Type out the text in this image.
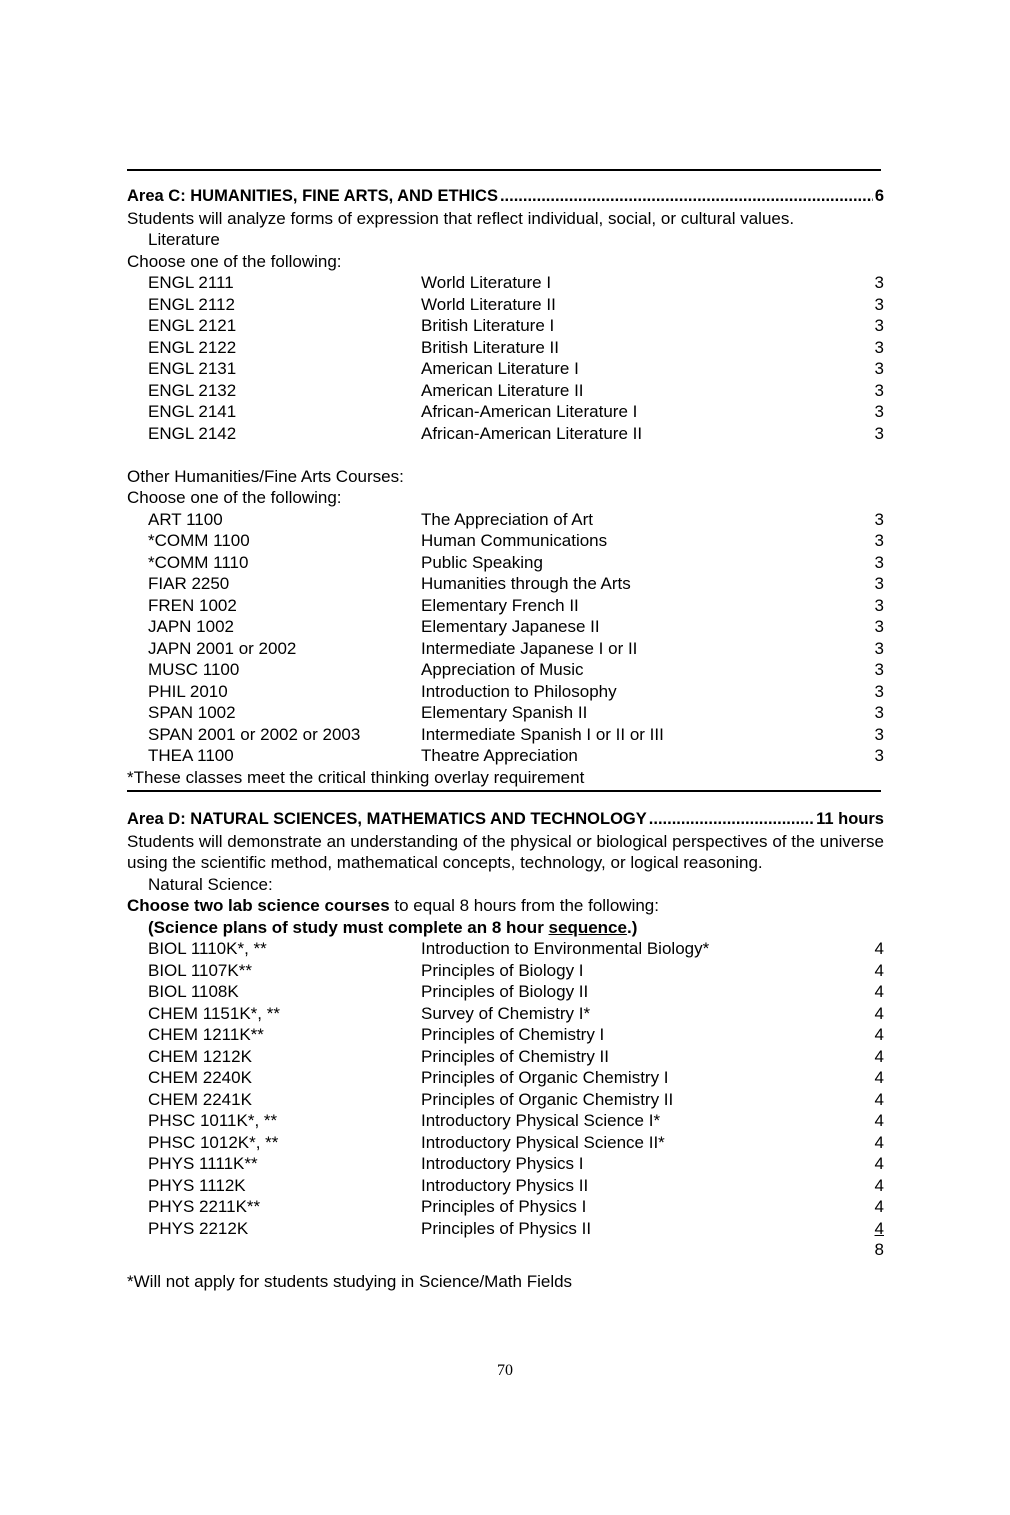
Area C: HUMANITIES, FINE ARTS, AND ETHICS .....	6
Students will analyze forms of expression that reflect individual, social, or cultural values.
Literature
Choose one of the following:
ENGL 2111	World Literature I	3
ENGL 2112	World Literature II	3
ENGL 2121	British Literature I	3
ENGL 2122	British Literature II	3
ENGL 2131	American Literature I	3
ENGL 2132	American Literature II	3
ENGL 2141	African-American Literature I	3
ENGL 2142	African-American Literature II	3
Other Humanities/Fine Arts Courses:
Choose one of the following:
ART 1100	The Appreciation of Art	3
*COMM 1100	Human Communications	3
*COMM 1110	Public Speaking	3
FIAR 2250	Humanities through the Arts	3
FREN 1002	Elementary French II	3
JAPN 1002	Elementary Japanese II	3
JAPN 2001 or 2002	Intermediate Japanese I or II	3
MUSC 1100	Appreciation of Music	3
PHIL 2010	Introduction to Philosophy	3
SPAN 1002	Elementary Spanish II	3
SPAN 2001 or 2002 or 2003	Intermediate Spanish I or II or III	3
THEA 1100	Theatre Appreciation	3
*These classes meet the critical thinking overlay requirement
Area D: NATURAL SCIENCES, MATHEMATICS AND TECHNOLOGY .....	11 hours
Students will demonstrate an understanding of the physical or biological perspectives of the universe using the scientific method, mathematical concepts, technology, or logical reasoning.
Natural Science:
Choose two lab science courses to equal 8 hours from the following:
(Science plans of study must complete an 8 hour sequence.)
BIOL 1110K*, **	Introduction to Environmental Biology*	4
BIOL 1107K**	Principles of Biology I	4
BIOL 1108K	Principles of Biology II	4
CHEM 1151K*, **	Survey of Chemistry I*	4
CHEM 1211K**	Principles of Chemistry I	4
CHEM 1212K	Principles of Chemistry II	4
CHEM 2240K	Principles of Organic Chemistry I	4
CHEM 2241K	Principles of Organic Chemistry II	4
PHSC 1011K*, **	Introductory Physical Science I*	4
PHSC 1012K*, **	Introductory Physical Science II*	4
PHYS 1111K**	Introductory Physics I	4
PHYS 1112K	Introductory Physics II	4
PHYS 2211K**	Principles of Physics I	4
PHYS 2212K	Principles of Physics II	4
8
*Will not apply for students studying in Science/Math Fields
70
